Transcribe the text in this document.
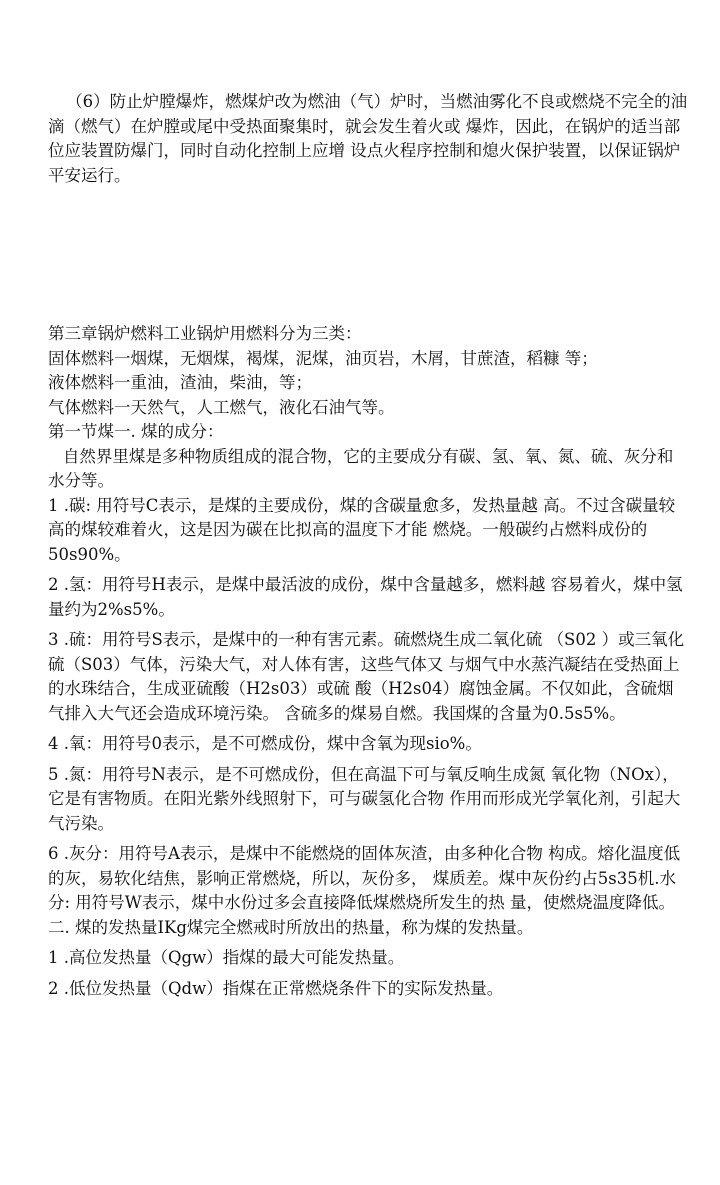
（6）防止炉膛爆炸，燃煤炉改为燃油（气）炉时，当燃油雾化不良或燃烧不完全的油滴（燃气）在炉膛或尾中受热面聚集时，就会发生着火或 爆炸，因此，在锅炉的适当部位应装置防爆门，同时自动化控制上应增 设点火程序控制和熄火保护装置，以保证锅炉平安运行。

第三章锅炉燃料工业锅炉用燃料分为三类：

固体燃料一烟煤，无烟煤，褐煤，泥煤，油页岩，木屑，甘蔗渣，稻糠 等；

液体燃料一重油，渣油，柴油，等；

气体燃料一天然气，人工燃气，液化石油气等。

第一节煤一. 煤的成分：

自然界里煤是多种物质组成的混合物，它的主要成分有碳、氢、氧、氮、硫、灰分和水分等。

1 .碳: 用符号C表示，是煤的主要成份，煤的含碳量愈多，发热量越 高。不过含碳量较高的煤较难着火，这是因为碳在比拟高的温度下才能 燃烧。一般碳约占燃料成份的50s90%。

2 .氢：用符号H表示，是煤中最活波的成份，煤中含量越多，燃料越 容易着火，煤中氢量约为2%s5%。

3 .硫：用符号S表示，是煤中的一种有害元素。硫燃烧生成二氧化硫 （S02 ）或三氧化硫（S03）气体，污染大气，对人体有害，这些气体又 与烟气中水蒸汽凝结在受热面上的水珠结合，生成亚硫酸（H2s03）或硫 酸（H2s04）腐蚀金属。不仅如此，含硫烟气排入大气还会造成环境污染。 含硫多的煤易自燃。我国煤的含量为0.5s5%。

4 .氧：用符号0表示，是不可燃成份，煤中含氧为现sio%。

5 .氮：用符号N表示，是不可燃成份，但在高温下可与氧反响生成氮 氧化物（NOx），它是有害物质。在阳光紫外线照射下，可与碳氢化合物 作用而形成光学氧化剂，引起大气污染。

6 .灰分：用符号A表示，是煤中不能燃烧的固体灰渣，由多种化合物 构成。熔化温度低的灰，易软化结焦，影响正常燃烧，所以，灰份多， 煤质差。煤中灰份约占5s35机.水分: 用符号W表示，煤中水份过多会直接降低煤燃烧所发生的热 量，使燃烧温度降低。

二. 煤的发热量IKg煤完全燃戒时所放出的热量，称为煤的发热量。

1 .高位发热量（Qgw）指煤的最大可能发热量。

2 .低位发热量（Qdw）指煤在正常燃烧条件下的实际发热量。
